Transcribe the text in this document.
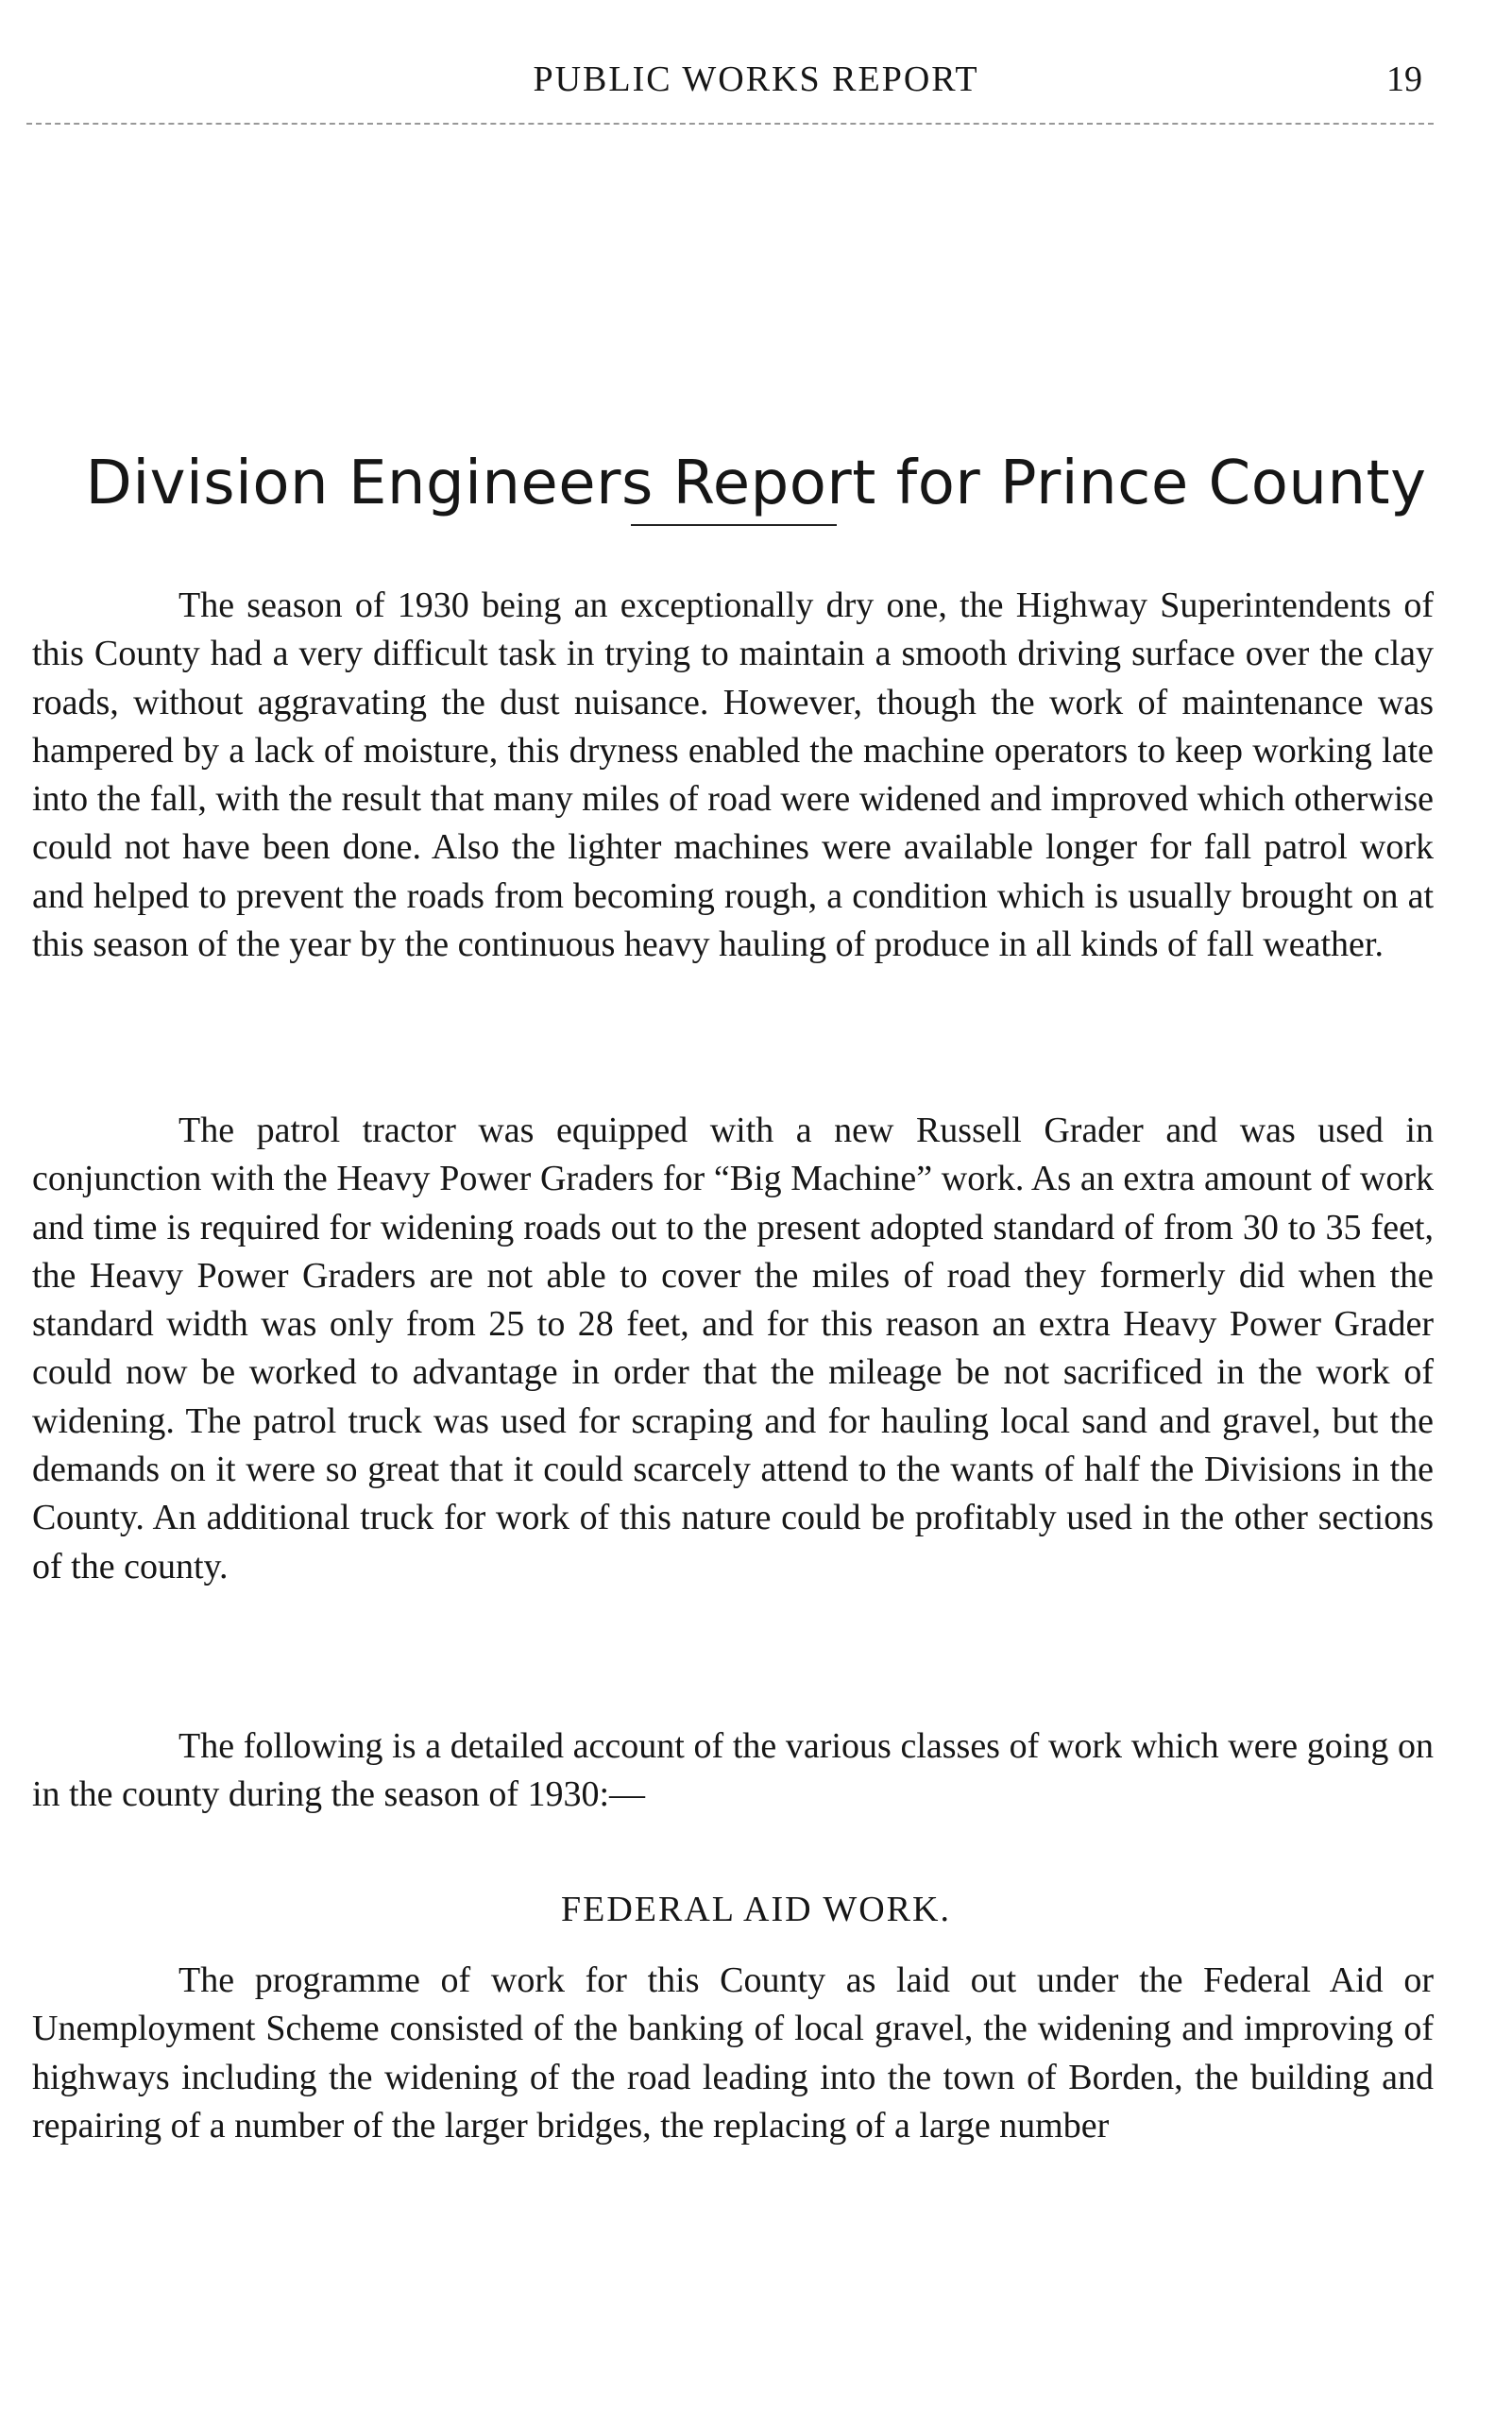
PUBLIC WORKS REPORT	19
Division Engineers Report for Prince County

The season of 1930 being an exceptionally dry one, the Highway Superintendents of this County had a very difficult task in trying to maintain a smooth driving surface over the clay roads, without aggravating the dust nuisance. However, though the work of maintenance was hampered by a lack of moisture, this dryness enabled the machine operators to keep working late into the fall, with the result that many miles of road were widened and improved which otherwise could not have been done. Also the lighter machines were available longer for fall patrol work and helped to prevent the roads from becoming rough, a condition which is usually brought on at this season of the year by the continuous heavy hauling of produce in all kinds of fall weather.

The patrol tractor was equipped with a new Russell Grader and was used in conjunction with the Heavy Power Graders for “Big Machine” work. As an extra amount of work and time is required for widening roads out to the present adopted standard of from 30 to 35 feet, the Heavy Power Graders are not able to cover the miles of road they formerly did when the standard width was only from 25 to 28 feet, and for this reason an extra Heavy Power Grader could now be worked to advantage in order that the mileage be not sacrificed in the work of widening. The patrol truck was used for scraping and for hauling local sand and gravel, but the demands on it were so great that it could scarcely attend to the wants of half the Divisions in the County. An additional truck for work of this nature could be profitably used in the other sections of the county.

The following is a detailed account of the various classes of work which were going on in the county during the season of 1930:—

FEDERAL AID WORK.

The programme of work for this County as laid out under the Federal Aid or Unemployment Scheme consisted of the banking of local gravel, the widening and improving of highways including the widening of the road leading into the town of Borden, the building and repairing of a number of the larger bridges, the replacing of a large number
